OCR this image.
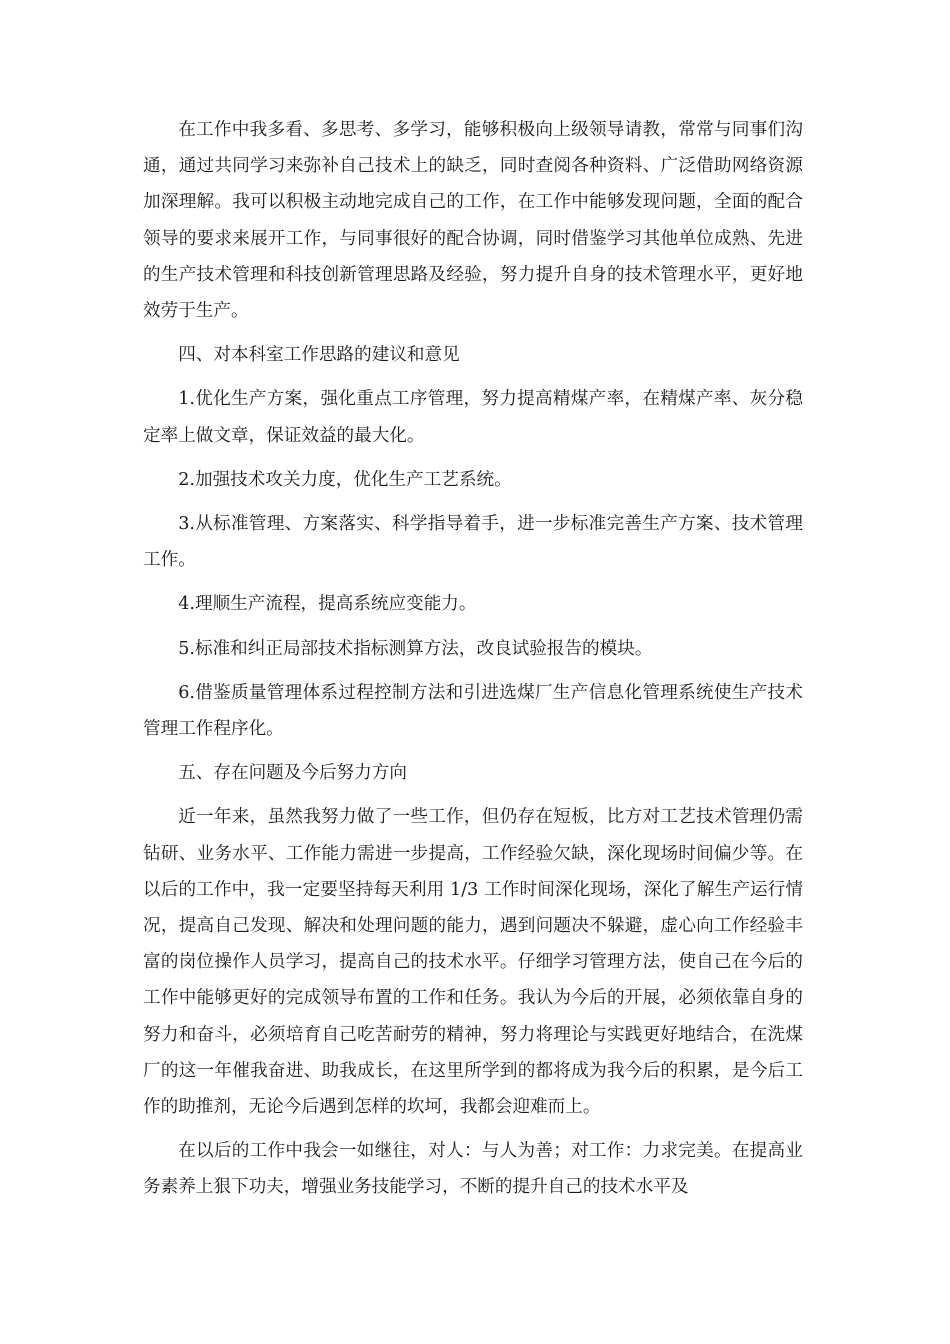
在工作中我多看、多思考、多学习，能够积极向上级领导请教，常常与同事们沟通，通过共同学习来弥补自己技术上的缺乏，同时查阅各种资料、广泛借助网络资源加深理解。我可以积极主动地完成自己的工作，在工作中能够发现问题，全面的配合领导的要求来展开工作，与同事很好的配合协调，同时借鉴学习其他单位成熟、先进的生产技术管理和科技创新管理思路及经验，努力提升自身的技术管理水平，更好地效劳于生产。

四、对本科室工作思路的建议和意见

1.优化生产方案，强化重点工序管理，努力提高精煤产率，在精煤产率、灰分稳定率上做文章，保证效益的最大化。

2.加强技术攻关力度，优化生产工艺系统。

3.从标准管理、方案落实、科学指导着手，进一步标准完善生产方案、技术管理工作。

4.理顺生产流程，提高系统应变能力。

5.标准和纠正局部技术指标测算方法，改良试验报告的模块。

6.借鉴质量管理体系过程控制方法和引进选煤厂生产信息化管理系统使生产技术管理工作程序化。

五、存在问题及今后努力方向

近一年来，虽然我努力做了一些工作，但仍存在短板，比方对工艺技术管理仍需钻研、业务水平、工作能力需进一步提高，工作经验欠缺，深化现场时间偏少等。在以后的工作中，我一定要坚持每天利用 1/3 工作时间深化现场，深化了解生产运行情况，提高自己发现、解决和处理问题的能力，遇到问题决不躲避，虚心向工作经验丰富的岗位操作人员学习，提高自己的技术水平。仔细学习管理方法，使自己在今后的工作中能够更好的完成领导布置的工作和任务。我认为今后的开展，必须依靠自身的努力和奋斗，必须培育自己吃苦耐劳的精神，努力将理论与实践更好地结合，在洗煤厂的这一年催我奋进、助我成长，在这里所学到的都将成为我今后的积累，是今后工作的助推剂，无论今后遇到怎样的坎坷，我都会迎难而上。

在以后的工作中我会一如继往，对人：与人为善；对工作：力求完美。在提高业务素养上狠下功夫，增强业务技能学习，不断的提升自己的技术水平及
